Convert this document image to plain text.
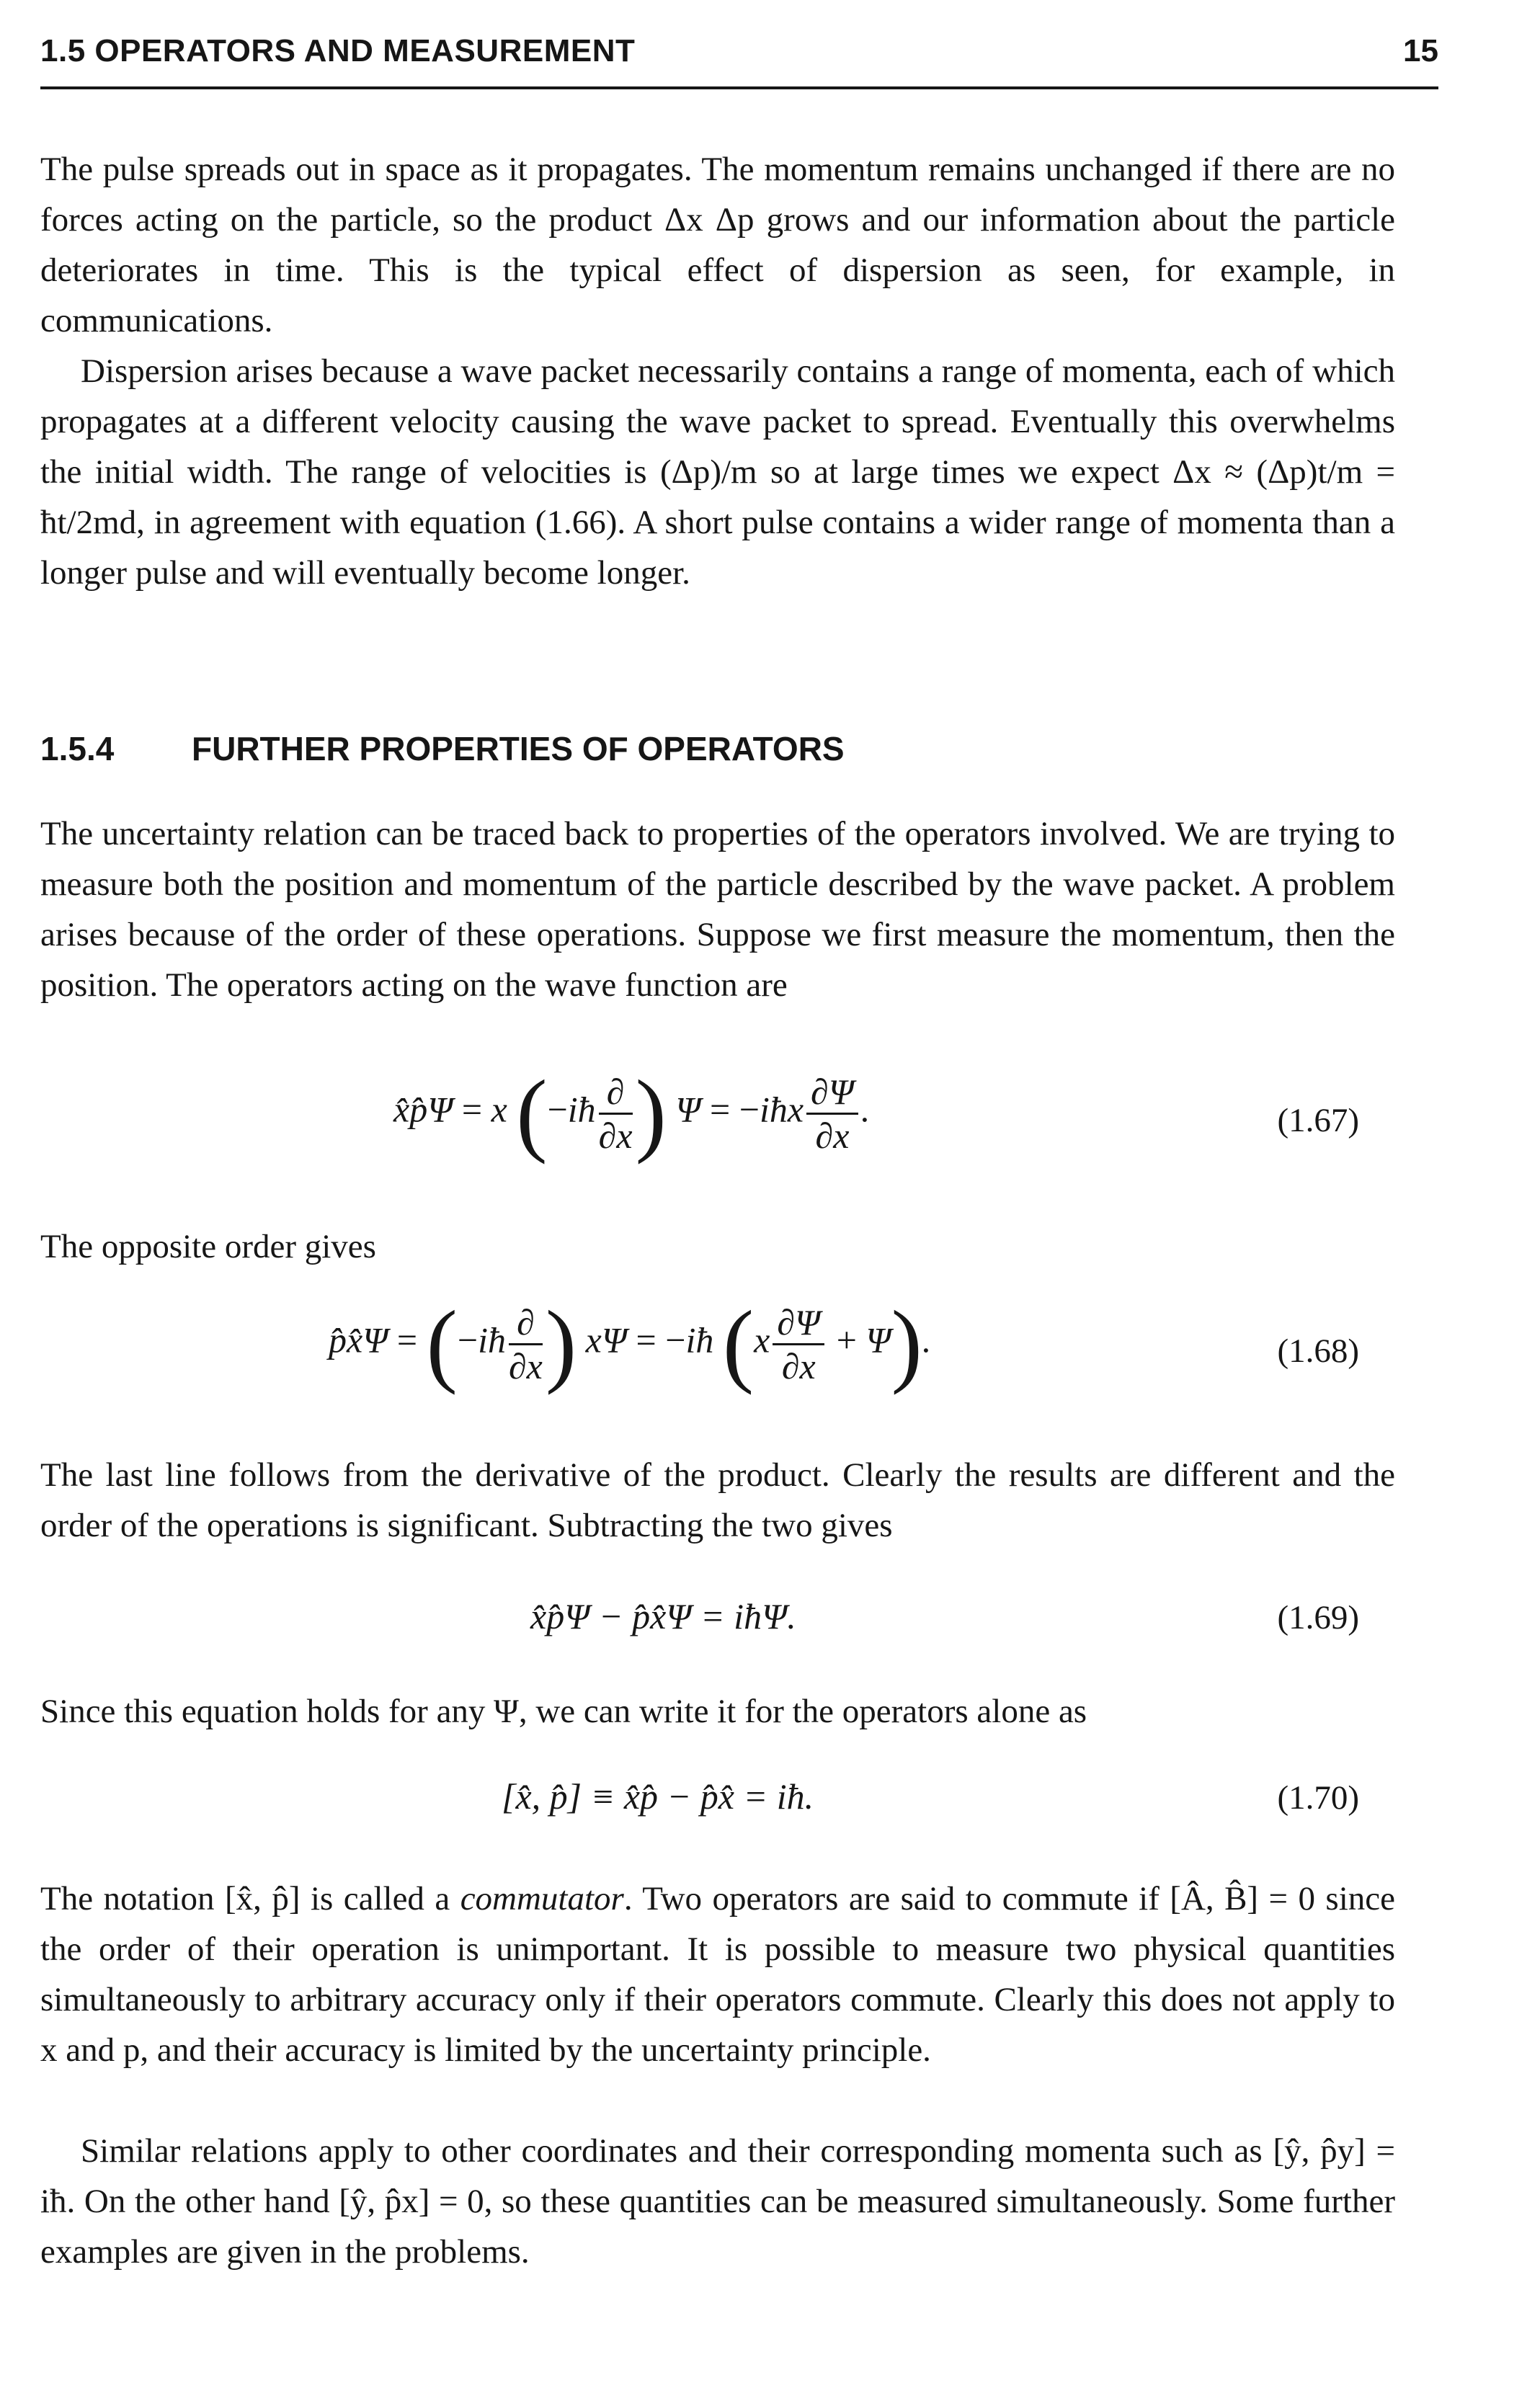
1.5 OPERATORS AND MEASUREMENT	15

The pulse spreads out in space as it propagates. The momentum remains unchanged if there are no forces acting on the particle, so the product Δx Δp grows and our information about the particle deteriorates in time. This is the typical effect of dispersion as seen, for example, in communications.

Dispersion arises because a wave packet necessarily contains a range of momenta, each of which propagates at a different velocity causing the wave packet to spread. Eventually this overwhelms the initial width. The range of velocities is (Δp)/m so at large times we expect Δx ≈ (Δp)t/m = ħt/2md, in agreement with equation (1.66). A short pulse contains a wider range of momenta than a longer pulse and will eventually become longer.

1.5.4 FURTHER PROPERTIES OF OPERATORS

The uncertainty relation can be traced back to properties of the operators involved. We are trying to measure both the position and momentum of the particle described by the wave packet. A problem arises because of the order of these operations. Suppose we first measure the momentum, then the position. The operators acting on the wave function are

x̂p̂Ψ = x (−iħ $\frac{\partial}{\partial x}$ ) Ψ = −iħx $\frac{\partial\Psi}{\partial x}$ .	(1.67)

The opposite order gives

p̂x̂Ψ = (−iħ $\frac{\partial}{\partial x}$ ) xΨ = −iħ $(x \frac{\partial\Psi}{\partial x} + \Psi)$.	(1.68)

The last line follows from the derivative of the product. Clearly the results are different and the order of the operations is significant. Subtracting the two gives

x̂p̂Ψ − p̂x̂Ψ = iħΨ.	(1.69)

Since this equation holds for any Ψ, we can write it for the operators alone as

[x̂, p̂] ≡ x̂p̂ − p̂x̂ = iħ.	(1.70)

The notation [x̂, p̂] is called a commutator. Two operators are said to commute if [Â, B̂] = 0 since the order of their operation is unimportant. It is possible to measure two physical quantities simultaneously to arbitrary accuracy only if their operators commute. Clearly this does not apply to x and p, and their accuracy is limited by the uncertainty principle.

Similar relations apply to other coordinates and their corresponding momenta such as [ŷ, p̂y] = iħ. On the other hand [ŷ, p̂x] = 0, so these quantities can be measured simultaneously. Some further examples are given in the problems.
